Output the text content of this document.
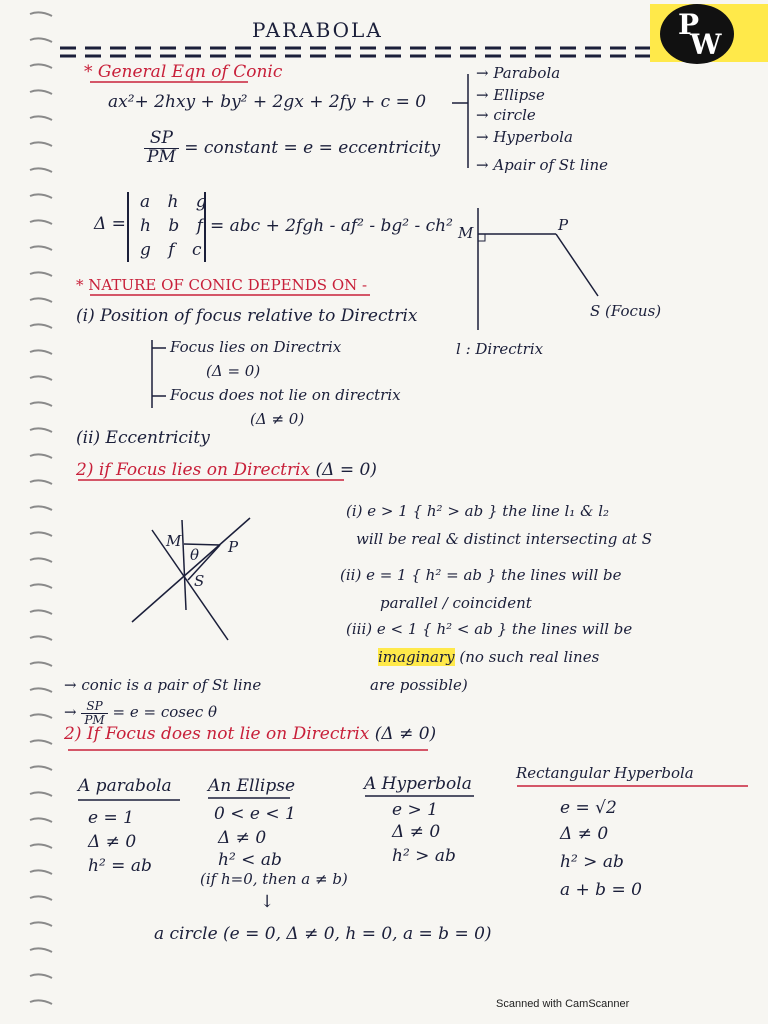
PARABOLA	P
W
* General Eqn of Conic
ax²+ 2hxy + by² + 2gx + 2fy + c = 0
→ Parabola
→ Ellipse
→ circle
→ Hyperbola
→ Apair of St line
$\frac{SP}{PM}$ = constant = e = eccentricity
Δ =
a h g
h b f
g f c
= abc + 2fgh - af² - bg² - ch² M	P
S (Focus)
l : Directrix
* NATURE OF CONIC DEPENDS ON -
(i) Position of focus relative to Directrix
Focus lies on Directrix
(Δ = 0)
Focus does not lie on directrix
(Δ ≠ 0)
(ii) Eccentricity
2) if Focus lies on Directrix (Δ = 0)
(i) e > 1 { h² > ab } the line l₁ & l₂
will be real & distinct intersecting at S
(ii) e = 1 { h² = ab } the lines will be
parallel / coincident
(iii) e < 1 { h² < ab } the lines will be
imaginary (no such real lines
are possible)
M
θ P
S
→ conic is a pair of St line
→ $\frac{SP}{PM} = e = cosec$ θ
2) If Focus does not lie on Directrix (Δ ≠ 0)
A parabola
e = 1
Δ ≠ 0
h² = ab
An Ellipse
0 < e < 1
Δ ≠ 0
h² < ab
(if h=0, then a ≠ b)
↓
a circle (e = 0, Δ ≠ 0, h = 0, a = b = 0)
A Hyperbola
e > 1
Δ ≠ 0
h² > ab
Rectangular Hyperbola
e = √2
Δ ≠ 0
h² > ab
a + b = 0
Scanned with CamScanner
